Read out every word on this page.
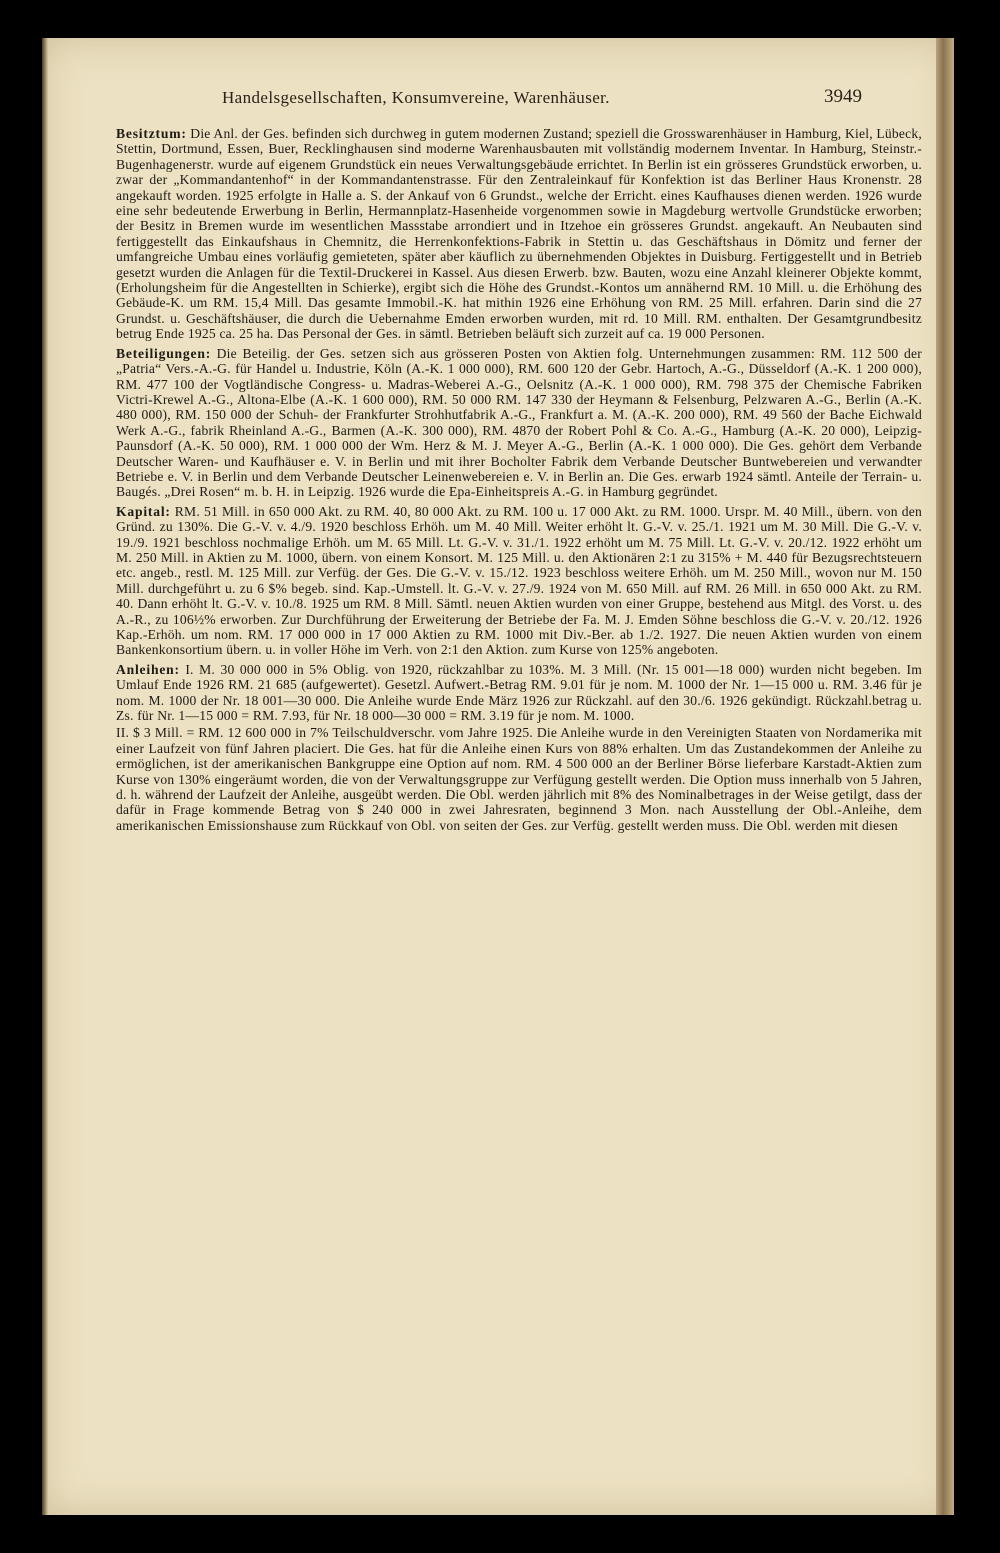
Handelsgesellschaften, Konsumvereine, Warenhäuser.	3949

Besitztum: Die Anl. der Ges. befinden sich durchweg in gutem modernen Zustand; speziell die Grosswarenhäuser in Hamburg, Kiel, Lübeck, Stettin, Dortmund, Essen, Buer, Recklinghausen sind moderne Warenhausbauten mit vollständig modernem Inventar. In Hamburg, Steinstr.-Bugenhagenerstr. wurde auf eigenem Grundstück ein neues Verwaltungsgebäude errichtet. In Berlin ist ein grösseres Grundstück erworben, u. zwar der „Kommandantenhof“ in der Kommandantenstrasse. Für den Zentraleinkauf für Konfektion ist das Berliner Haus Kronenstr. 28 angekauft worden. 1925 erfolgte in Halle a. S. der Ankauf von 6 Grundst., welche der Erricht. eines Kaufhauses dienen werden. 1926 wurde eine sehr bedeutende Erwerbung in Berlin, Hermannplatz-Hasenheide vorgenommen sowie in Magdeburg wertvolle Grundstücke erworben; der Besitz in Bremen wurde im wesentlichen Massstabe arrondiert und in Itzehoe ein grösseres Grundst. angekauft. An Neubauten sind fertiggestellt das Einkaufshaus in Chemnitz, die Herrenkonfektions-Fabrik in Stettin u. das Geschäftshaus in Dömitz und ferner der umfangreiche Umbau eines vorläufig gemieteten, später aber käuflich zu übernehmenden Objektes in Duisburg. Fertiggestellt und in Betrieb gesetzt wurden die Anlagen für die Textil-Druckerei in Kassel. Aus diesen Erwerb. bzw. Bauten, wozu eine Anzahl kleinerer Objekte kommt, (Erholungsheim für die Angestellten in Schierke), ergibt sich die Höhe des Grundst.-Kontos um annähernd RM. 10 Mill. u. die Erhöhung des Gebäude-K. um RM. 15,4 Mill. Das gesamte Immobil.-K. hat mithin 1926 eine Erhöhung von RM. 25 Mill. erfahren. Darin sind die 27 Grundst. u. Geschäftshäuser, die durch die Uebernahme Emden erworben wurden, mit rd. 10 Mill. RM. enthalten. Der Gesamtgrundbesitz betrug Ende 1925 ca. 25 ha. Das Personal der Ges. in sämtl. Betrieben beläuft sich zurzeit auf ca. 19 000 Personen.

Beteiligungen: Die Beteilig. der Ges. setzen sich aus grösseren Posten von Aktien folg. Unternehmungen zusammen: RM. 112 500 der „Patria“ Vers.-A.-G. für Handel u. Industrie, Köln (A.-K. 1 000 000), RM. 600 120 der Gebr. Hartoch, A.-G., Düsseldorf (A.-K. 1 200 000), RM. 477 100 der Vogtländische Congress- u. Madras-Weberei A.-G., Oelsnitz (A.-K. 1 000 000), RM. 798 375 der Chemische Fabriken Victri-Krewel A.-G., Altona-Elbe (A.-K. 1 600 000), RM. 50 000 RM. 147 330 der Heymann & Felsenburg, Pelzwaren A.-G., Berlin (A.-K. 480 000), RM. 150 000 der Schuh- der Frankfurter Strohhutfabrik A.-G., Frankfurt a. M. (A.-K. 200 000), RM. 49 560 der Bache Eichwald Werk A.-G., fabrik Rheinland A.-G., Barmen (A.-K. 300 000), RM. 4870 der Robert Pohl & Co. A.-G., Hamburg (A.-K. 20 000), Leipzig-Paunsdorf (A.-K. 50 000), RM. 1 000 000 der Wm. Herz & M. J. Meyer A.-G., Berlin (A.-K. 1 000 000). Die Ges. gehört dem Verbande Deutscher Waren- und Kaufhäuser e. V. in Berlin und mit ihrer Bocholter Fabrik dem Verbande Deutscher Buntwebereien und verwandter Betriebe e. V. in Berlin und dem Verbande Deutscher Leinenwebereien e. V. in Berlin an. Die Ges. erwarb 1924 sämtl. Anteile der Terrain- u. Baugés. „Drei Rosen“ m. b. H. in Leipzig. 1926 wurde die Epa-Einheitspreis A.-G. in Hamburg gegründet.

Kapital: RM. 51 Mill. in 650 000 Akt. zu RM. 40, 80 000 Akt. zu RM. 100 u. 17 000 Akt. zu RM. 1000. Urspr. M. 40 Mill., übern. von den Gründ. zu 130%. Die G.-V. v. 4./9. 1920 beschloss Erhöh. um M. 40 Mill. Weiter erhöht lt. G.-V. v. 25./1. 1921 um M. 30 Mill. Die G.-V. v. 19./9. 1921 beschloss nochmalige Erhöh. um M. 65 Mill. Lt. G.-V. v. 31./1. 1922 erhöht um M. 75 Mill. Lt. G.-V. v. 20./12. 1922 erhöht um M. 250 Mill. in Aktien zu M. 1000, übern. von einem Konsort. M. 125 Mill. u. den Aktionären 2:1 zu 315% + M. 440 für Bezugsrechtsteuern etc. angeb., restl. M. 125 Mill. zur Verfüg. der Ges. Die G.-V. v. 15./12. 1923 beschloss weitere Erhöh. um M. 250 Mill., wovon nur M. 150 Mill. durchgeführt u. zu 6 $% begeb. sind. Kap.-Umstell. lt. G.-V. v. 27./9. 1924 von M. 650 Mill. auf RM. 26 Mill. in 650 000 Akt. zu RM. 40. Dann erhöht lt. G.-V. v. 10./8. 1925 um RM. 8 Mill. Sämtl. neuen Aktien wurden von einer Gruppe, bestehend aus Mitgl. des Vorst. u. des A.-R., zu 106½% erworben. Zur Durchführung der Erweiterung der Betriebe der Fa. M. J. Emden Söhne beschloss die G.-V. v. 20./12. 1926 Kap.-Erhöh. um nom. RM. 17 000 000 in 17 000 Aktien zu RM. 1000 mit Div.-Ber. ab 1./2. 1927. Die neuen Aktien wurden von einem Bankenkonsortium übern. u. in voller Höhe im Verh. von 2:1 den Aktion. zum Kurse von 125% angeboten.

Anleihen: I. M. 30 000 000 in 5% Oblig. von 1920, rückzahlbar zu 103%. M. 3 Mill. (Nr. 15 001—18 000) wurden nicht begeben. Im Umlauf Ende 1926 RM. 21 685 (aufgewertet). Gesetzl. Aufwert.-Betrag RM. 9.01 für je nom. M. 1000 der Nr. 1—15 000 u. RM. 3.46 für je nom. M. 1000 der Nr. 18 001—30 000. Die Anleihe wurde Ende März 1926 zur Rückzahl. auf den 30./6. 1926 gekündigt. Rückzahl.betrag u. Zs. für Nr. 1—15 000 = RM. 7.93, für Nr. 18 000—30 000 = RM. 3.19 für je nom. M. 1000.

II. $ 3 Mill. = RM. 12 600 000 in 7% Teilschuldverschr. vom Jahre 1925. Die Anleihe wurde in den Vereinigten Staaten von Nordamerika mit einer Laufzeit von fünf Jahren placiert. Die Ges. hat für die Anleihe einen Kurs von 88% erhalten. Um das Zustandekommen der Anleihe zu ermöglichen, ist der amerikanischen Bankgruppe eine Option auf nom. RM. 4 500 000 an der Berliner Börse lieferbare Karstadt-Aktien zum Kurse von 130% eingeräumt worden, die von der Verwaltungsgruppe zur Verfügung gestellt werden. Die Option muss innerhalb von 5 Jahren, d. h. während der Laufzeit der Anleihe, ausgeübt werden. Die Obl. werden jährlich mit 8% des Nominalbetrages in der Weise getilgt, dass der dafür in Frage kommende Betrag von $ 240 000 in zwei Jahresraten, beginnend 3 Mon. nach Ausstellung der Obl.-Anleihe, dem amerikanischen Emissionshause zum Rückkauf von Obl. von seiten der Ges. zur Verfüg. gestellt werden muss. Die Obl. werden mit diesen
